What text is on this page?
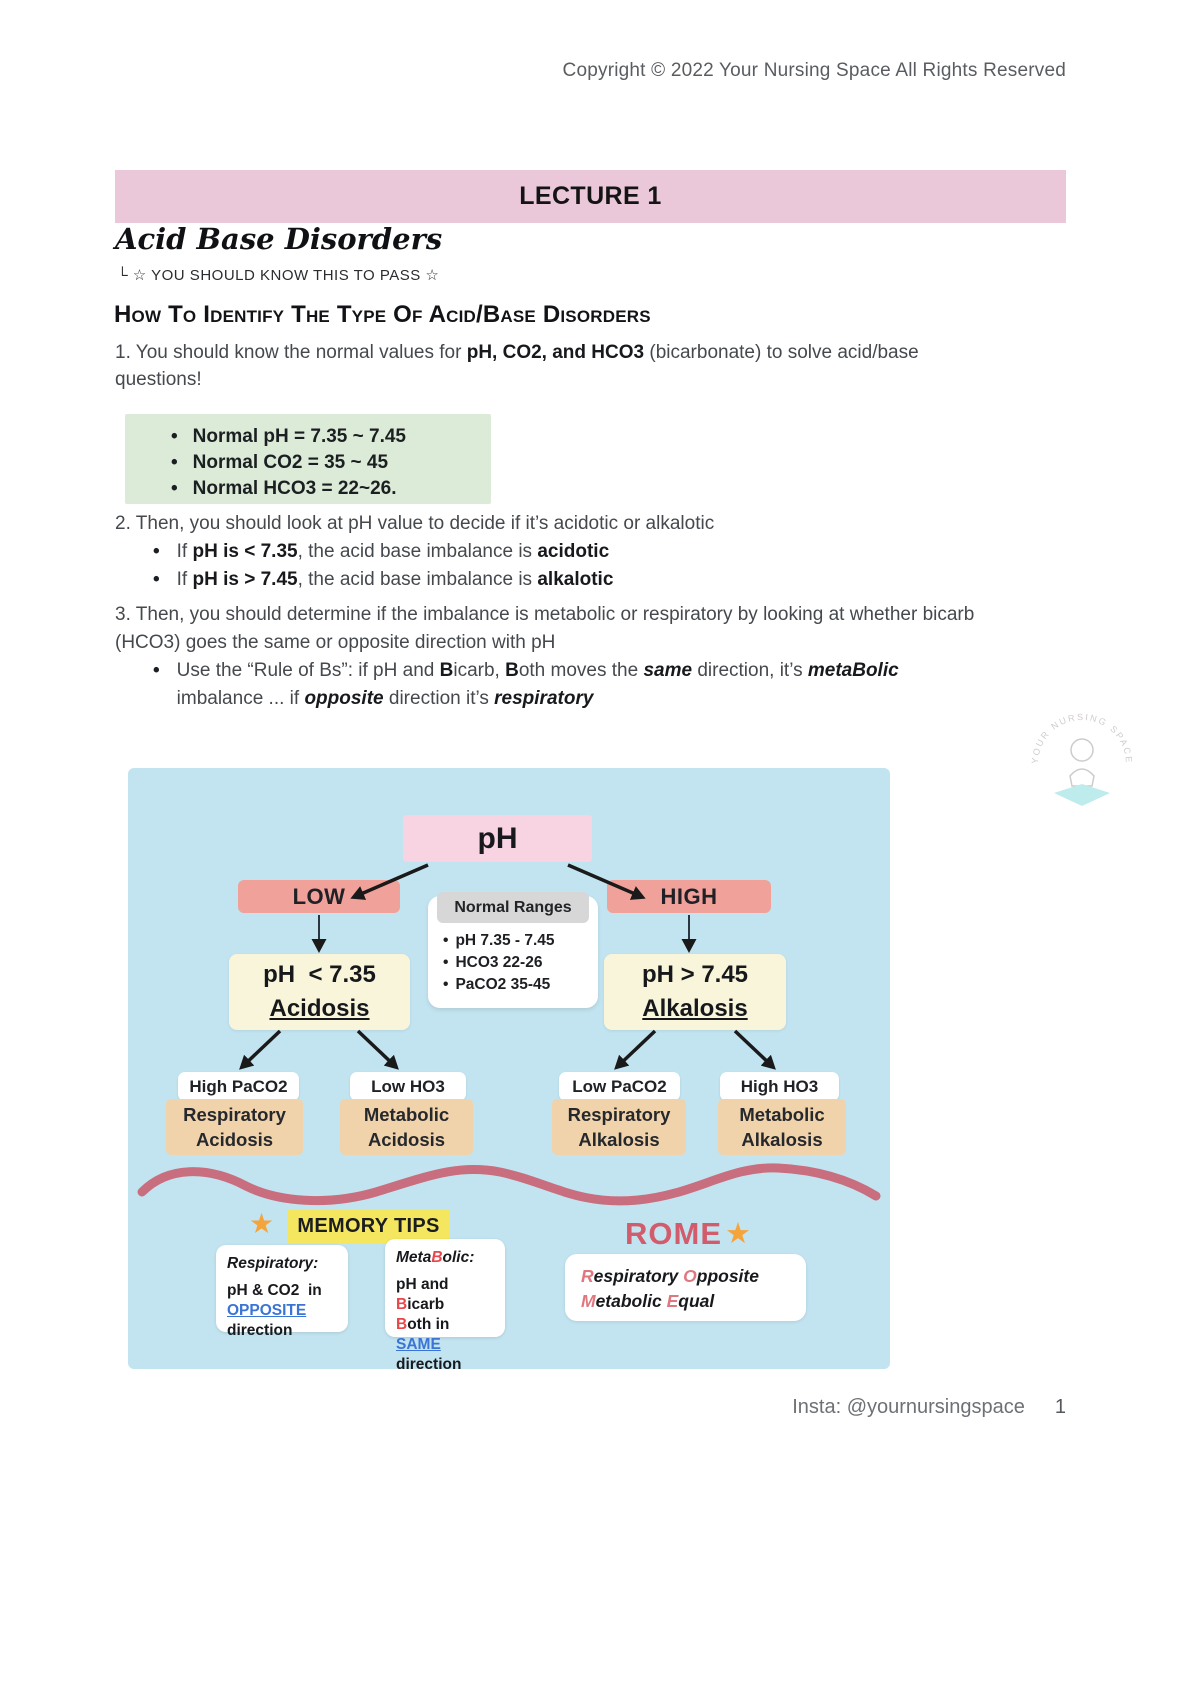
Copyright © 2022 Your Nursing Space All Rights Reserved
LECTURE 1
Acid Base Disorders
└ ☆ YOU SHOULD KNOW THIS TO PASS ☆
How To Identify The Type Of Acid/Base Disorders
1. You should know the normal values for pH, CO2, and HCO3 (bicarbonate) to solve acid/base questions!
• Normal pH = 7.35 ~ 7.45
• Normal CO2 = 35 ~ 45
• Normal HCO3 = 22~26.
2. Then, you should look at pH value to decide if it’s acidotic or alkalotic
• If pH is < 7.35, the acid base imbalance is acidotic
• If pH is > 7.45, the acid base imbalance is alkalotic
3. Then, you should determine if the imbalance is metabolic or respiratory by looking at whether bicarb (HCO3) goes the same or opposite direction with pH
• Use the “Rule of Bs”: if pH and Bicarb, Both moves the same direction, it’s metaBolic imbalance ... if opposite direction it’s respiratory
YOUR NURSING SPACE
pH
LOW	HIGH
Normal Ranges
• pH 7.35 - 7.45
• HCO3 22-26
• PaCO2 35-45
pH  < 7.35
Acidosis
pH > 7.45
Alkalosis
High PaCO2	Low HO3	Low PaCO2	High HO3
Respiratory
Acidosis
Metabolic
Acidosis
Respiratory
Alkalosis
Metabolic
Alkalosis
★	MEMORY TIPS
Respiratory:
pH & CO2  in
OPPOSITE
direction
MetaBolic:
pH and Bicarb
Both in SAME
direction
ROME ★
Respiratory Opposite
Metabolic Equal
Insta: @yournursingspace 1
